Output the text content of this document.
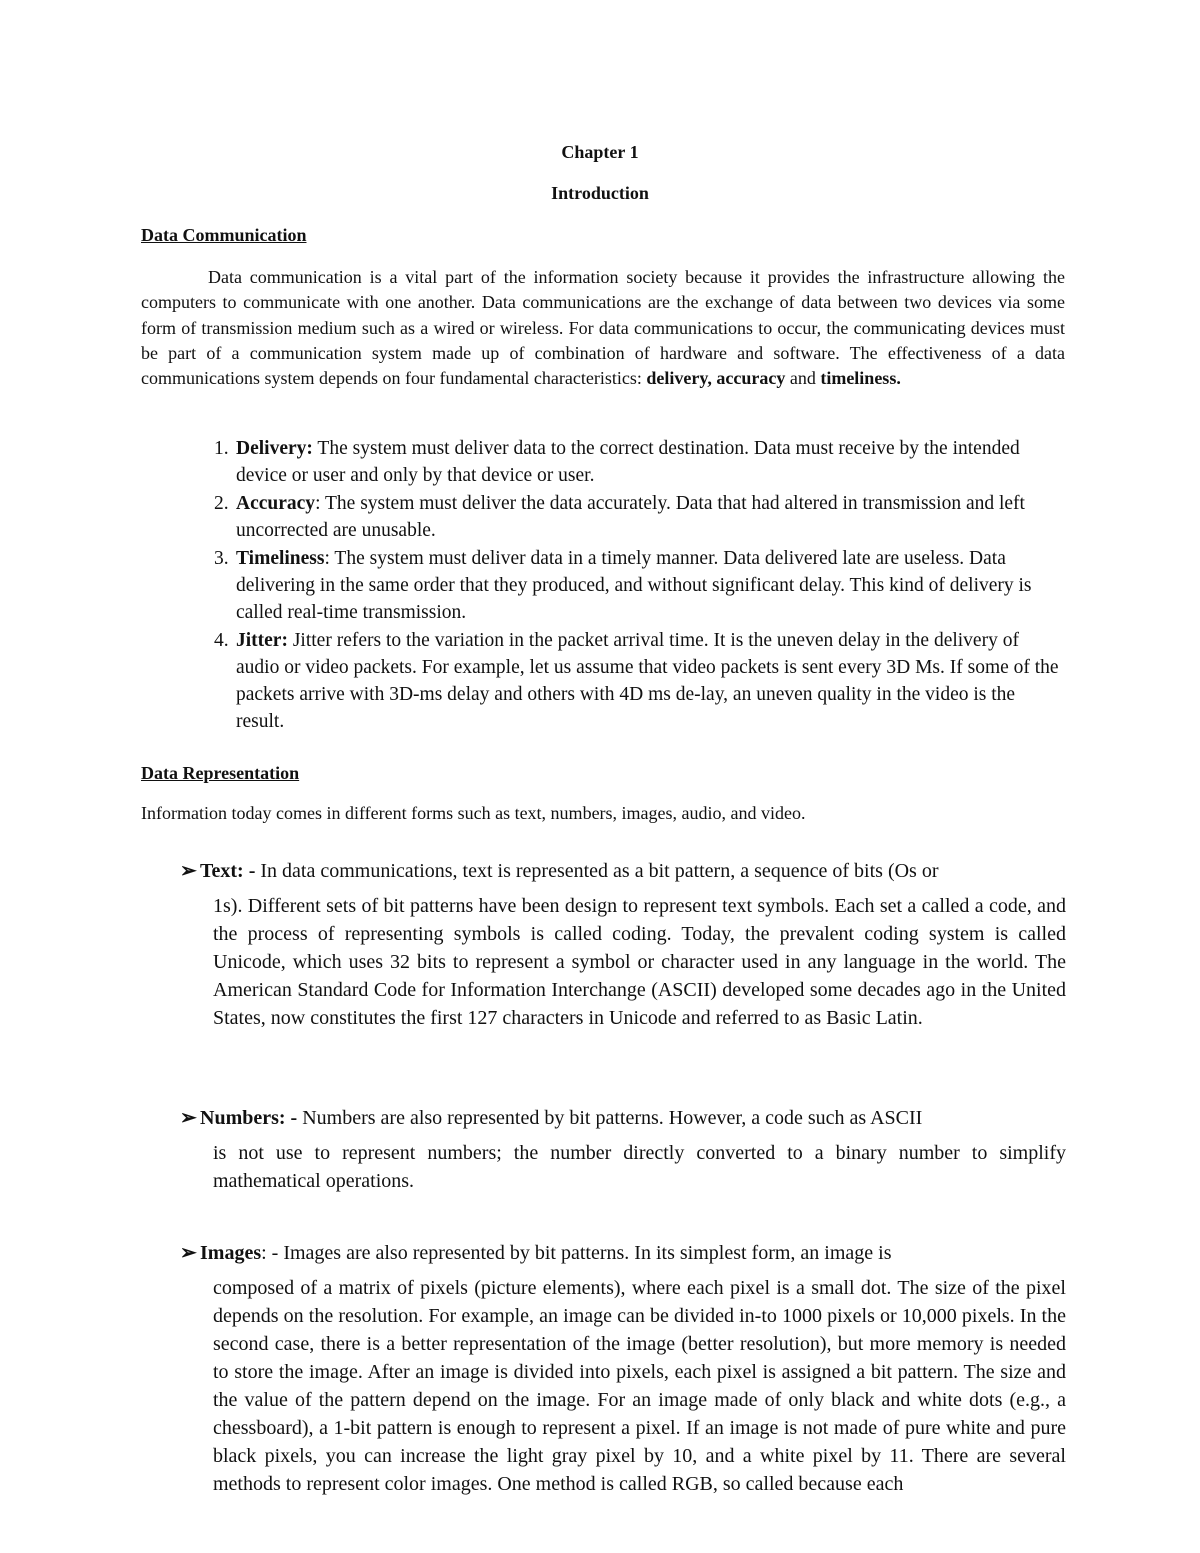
Chapter 1
Introduction
Data Communication
Data communication is a vital part of the information society because it provides the infrastructure allowing the computers to communicate with one another. Data communications are the exchange of data between two devices via some form of transmission medium such as a wired or wireless. For data communications to occur, the communicating devices must be part of a communication system made up of combination of hardware and software. The effectiveness of a data communications system depends on four fundamental characteristics: delivery, accuracy and timeliness.
1. Delivery: The system must deliver data to the correct destination. Data must receive by the intended device or user and only by that device or user.
2. Accuracy: The system must deliver the data accurately. Data that had altered in transmission and left uncorrected are unusable.
3. Timeliness: The system must deliver data in a timely manner. Data delivered late are useless. Data delivering in the same order that they produced, and without significant delay. This kind of delivery is called real-time transmission.
4. Jitter: Jitter refers to the variation in the packet arrival time. It is the uneven delay in the delivery of audio or video packets. For example, let us assume that video packets is sent every 3D Ms. If some of the packets arrive with 3D-ms delay and others with 4D ms de-lay, an uneven quality in the video is the result.
Data Representation
Information today comes in different forms such as text, numbers, images, audio, and video.
➢ Text: - In data communications, text is represented as a bit pattern, a sequence of bits (Os or
1s). Different sets of bit patterns have been design to represent text symbols. Each set a called a code, and the process of representing symbols is called coding. Today, the prevalent coding system is called Unicode, which uses 32 bits to represent a symbol or character used in any language in the world. The American Standard Code for Information Interchange (ASCII) developed some decades ago in the United States, now constitutes the first 127 characters in Unicode and referred to as Basic Latin.
➢ Numbers: - Numbers are also represented by bit patterns. However, a code such as ASCII
is not use to represent numbers; the number directly converted to a binary number to simplify mathematical operations.
➢ Images: - Images are also represented by bit patterns. In its simplest form, an image is
composed of a matrix of pixels (picture elements), where each pixel is a small dot. The size of the pixel depends on the resolution. For example, an image can be divided in-to 1000 pixels or 10,000 pixels. In the second case, there is a better representation of the image (better resolution), but more memory is needed to store the image. After an image is divided into pixels, each pixel is assigned a bit pattern. The size and the value of the pattern depend on the image. For an image made of only black and white dots (e.g., a chessboard), a 1-bit pattern is enough to represent a pixel. If an image is not made of pure white and pure black pixels, you can increase the light gray pixel by 10, and a white pixel by 11. There are several methods to represent color images. One method is called RGB, so called because each
